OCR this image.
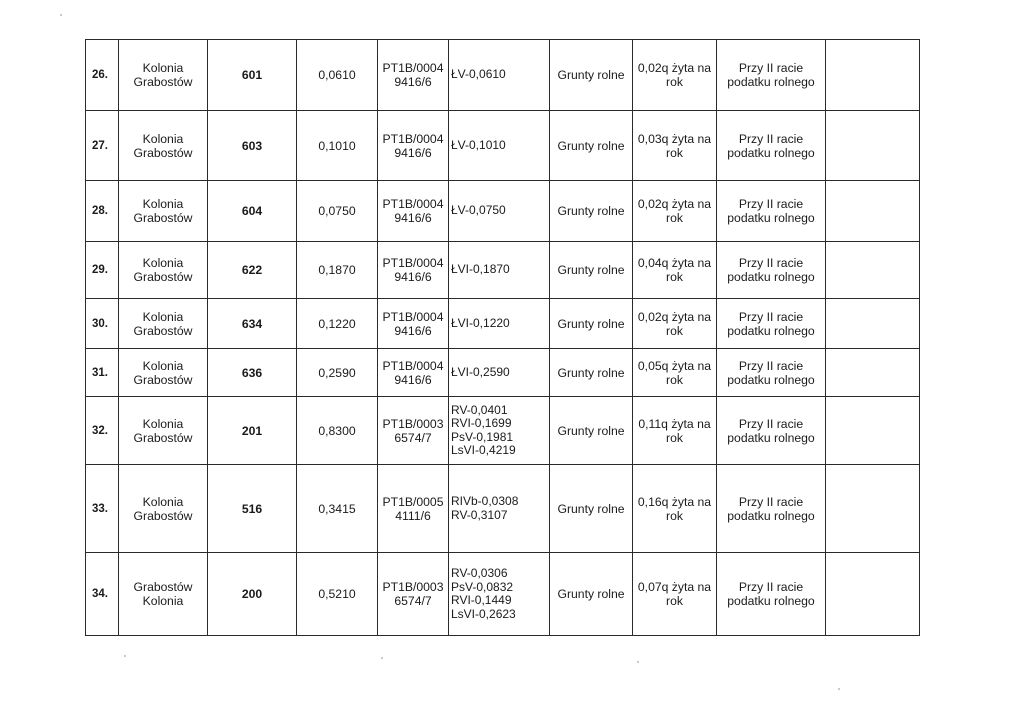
26.	Kolonia
Grabostów	601	0,0610	PT1B/0004
9416/6	ŁV-0,0610	Grunty rolne	0,02q żyta na
rok	Przy II racie
podatku rolnego	

27.	Kolonia
Grabostów	603	0,1010	PT1B/0004
9416/6	ŁV-0,1010	Grunty rolne	0,03q żyta na
rok	Przy II racie
podatku rolnego	

28.	Kolonia
Grabostów	604	0,0750	PT1B/0004
9416/6	ŁV-0,0750	Grunty rolne	0,02q żyta na
rok	Przy II racie
podatku rolnego	

29.	Kolonia
Grabostów	622	0,1870	PT1B/0004
9416/6	ŁVI-0,1870	Grunty rolne	0,04q żyta na
rok	Przy II racie
podatku rolnego	

30.	Kolonia
Grabostów	634	0,1220	PT1B/0004
9416/6	ŁVI-0,1220	Grunty rolne	0,02q żyta na
rok	Przy II racie
podatku rolnego	

31.	Kolonia
Grabostów	636	0,2590	PT1B/0004
9416/6	ŁVI-0,2590	Grunty rolne	0,05q żyta na
rok	Przy II racie
podatku rolnego	

32.	Kolonia
Grabostów	201	0,8300	PT1B/0003
6574/7	RV-0,0401
RVI-0,1699
PsV-0,1981
LsVI-0,4219	Grunty rolne	0,11q żyta na
rok	Przy II racie
podatku rolnego	

33.	Kolonia
Grabostów	516	0,3415	PT1B/0005
4111/6	RIVb-0,0308
RV-0,3107	Grunty rolne	0,16q żyta na
rok	Przy II racie
podatku rolnego	

34.	Grabostów
Kolonia	200	0,5210	PT1B/0003
6574/7	RV-0,0306
PsV-0,0832
RVI-0,1449
LsVI-0,2623	Grunty rolne	0,07q żyta na
rok	Przy II racie
podatku rolnego	
